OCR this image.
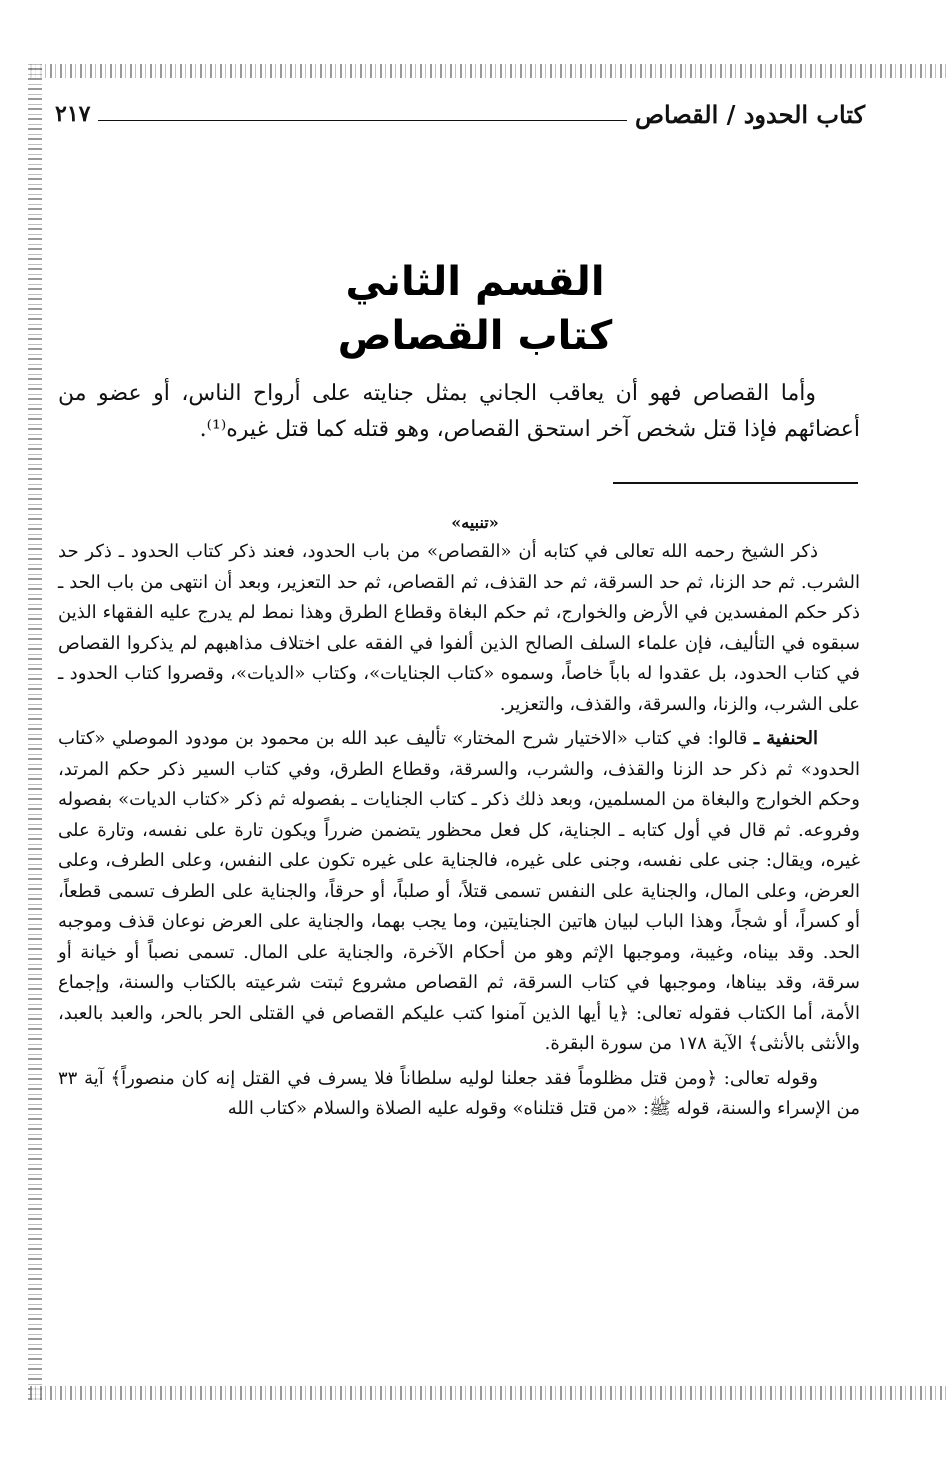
كتاب الحدود / القصاص
٢١٧
القسم الثاني
كتاب القصاص

وأما القصاص فهو أن يعاقب الجاني بمثل جنايته على أرواح الناس، أو عضو من أعضائهم فإذا قتل شخص آخر استحق القصاص، وهو قتله كما قتل غيره⁽¹⁾.

«تنبيه»

ذكر الشيخ رحمه الله تعالى في كتابه أن «القصاص» من باب الحدود، فعند ذكر كتاب الحدود ـ ذكر حد الشرب. ثم حد الزنا، ثم حد السرقة، ثم حد القذف، ثم القصاص، ثم حد التعزير، وبعد أن انتهى من باب الحد ـ ذكر حكم المفسدين في الأرض والخوارج، ثم حكم البغاة وقطاع الطرق وهذا نمط لم يدرج عليه الفقهاء الذين سبقوه في التأليف، فإن علماء السلف الصالح الذين ألفوا في الفقه على اختلاف مذاهبهم لم يذكروا القصاص في كتاب الحدود، بل عقدوا له باباً خاصاً، وسموه «كتاب الجنايات»، وكتاب «الديات»، وقصروا كتاب الحدود ـ على الشرب، والزنا، والسرقة، والقذف، والتعزير.

الحنفية ـ قالوا: في كتاب «الاختيار شرح المختار» تأليف عبد الله بن محمود بن مودود الموصلي «كتاب الحدود» ثم ذكر حد الزنا والقذف، والشرب، والسرقة، وقطاع الطرق، وفي كتاب السير ذكر حكم المرتد، وحكم الخوارج والبغاة من المسلمين، وبعد ذلك ذكر ـ كتاب الجنايات ـ بفصوله ثم ذكر «كتاب الديات» بفصوله وفروعه. ثم قال في أول كتابه ـ الجناية، كل فعل محظور يتضمن ضرراً ويكون تارة على نفسه، وتارة على غيره، ويقال: جنى على نفسه، وجنى على غيره، فالجناية على غيره تكون على النفس، وعلى الطرف، وعلى العرض، وعلى المال، والجناية على النفس تسمى قتلاً، أو صلباً، أو حرقاً، والجناية على الطرف تسمى قطعاً، أو كسراً، أو شجاً، وهذا الباب لبيان هاتين الجنايتين، وما يجب بهما، والجناية على العرض نوعان قذف وموجبه الحد. وقد بيناه، وغيبة، وموجبها الإثم وهو من أحكام الآخرة، والجناية على المال. تسمى نصباً أو خيانة أو سرقة، وقد بيناها، وموجبها في كتاب السرقة، ثم القصاص مشروع ثبتت شرعيته بالكتاب والسنة، وإجماع الأمة، أما الكتاب فقوله تعالى: ﴿يا أيها الذين آمنوا كتب عليكم القصاص في القتلى الحر بالحر، والعبد بالعبد، والأنثى بالأنثى﴾ الآية ١٧٨ من سورة البقرة.

وقوله تعالى: ﴿ومن قتل مظلوماً فقد جعلنا لوليه سلطاناً فلا يسرف في القتل إنه كان منصوراً﴾ آية ٣٣ من الإسراء والسنة، قوله ﷺ: «من قتل قتلناه» وقوله عليه الصلاة والسلام «كتاب الله
